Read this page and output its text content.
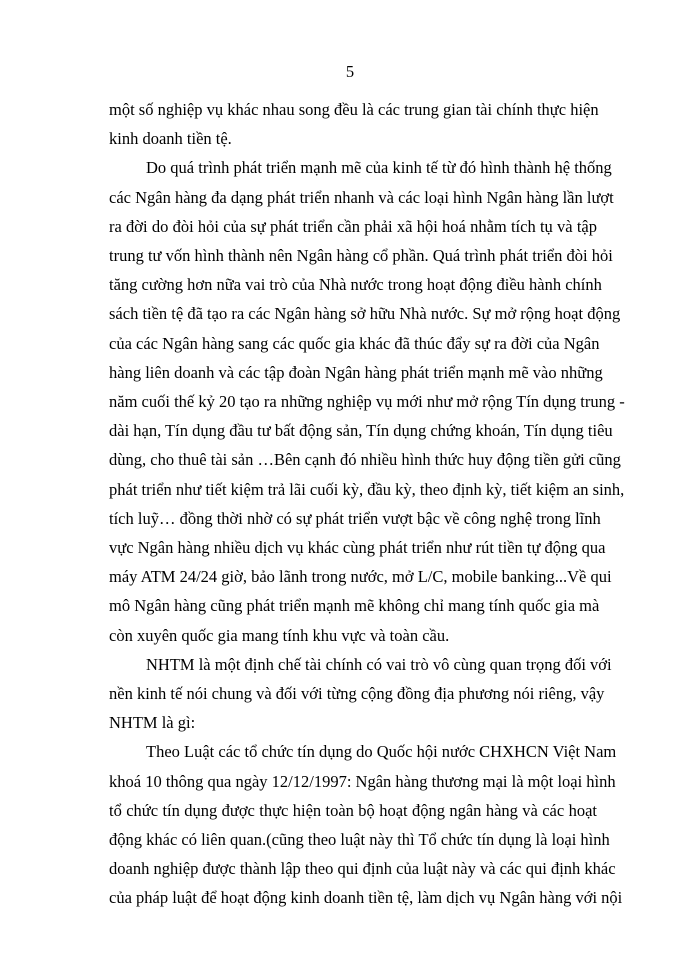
5
một số nghiệp vụ khác nhau song đều là các trung gian tài chính thực hiện
kinh doanh tiền tệ.
Do quá trình phát triển mạnh mẽ của kinh tế từ đó hình thành hệ thống
các Ngân hàng đa dạng phát triển nhanh và các loại hình Ngân hàng lần lượt
ra đời do đòi hỏi của sự phát triển cần phải xã hội hoá nhằm tích tụ và tập
trung tư vốn hình thành nên Ngân hàng cổ phần. Quá trình phát triển đòi hỏi
tăng cường hơn nữa vai trò của Nhà nước trong hoạt động điều hành chính
sách tiền tệ đã tạo ra các Ngân hàng sở hữu Nhà nước. Sự mở rộng hoạt động
của các Ngân hàng sang các quốc gia khác đã thúc đẩy sự ra đời của Ngân
hàng liên doanh và các tập đoàn Ngân hàng phát triển mạnh mẽ vào những
năm cuối thế kỷ 20 tạo ra những nghiệp vụ mới như mở rộng Tín dụng trung -
dài hạn, Tín dụng đầu tư bất động sản, Tín dụng chứng khoán, Tín dụng tiêu
dùng, cho thuê tài sản …Bên cạnh đó nhiều hình thức huy động tiền gửi cũng
phát triển như tiết kiệm trả lãi cuối kỳ, đầu kỳ, theo định kỳ, tiết kiệm an sinh,
tích luỹ… đồng thời nhờ có sự phát triển vượt bậc về công nghệ trong lĩnh
vực Ngân hàng nhiều dịch vụ khác cùng phát triển như rút tiền tự động qua
máy ATM 24/24 giờ, bảo lãnh trong nước, mở L/C, mobile banking...Về qui
mô Ngân hàng cũng phát triển mạnh mẽ không chỉ mang tính quốc gia mà
còn xuyên quốc gia mang tính khu vực và toàn cầu.
NHTM là một định chế tài chính có vai trò vô cùng quan trọng đối với
nền kinh tế nói chung và đối với từng cộng đồng địa phương nói riêng, vậy
NHTM là gì:
Theo Luật các tổ chức tín dụng do Quốc hội nước CHXHCN Việt Nam
khoá 10 thông qua ngày 12/12/1997: Ngân hàng thương mại là một loại hình
tổ chức tín dụng được thực hiện toàn bộ hoạt động ngân hàng và các hoạt
động khác có liên quan.(cũng theo luật này thì Tổ chức tín dụng là loại hình
doanh nghiệp được thành lập theo qui định của luật này và các qui định khác
của pháp luật để hoạt động kinh doanh tiền tệ, làm dịch vụ Ngân hàng với nội
